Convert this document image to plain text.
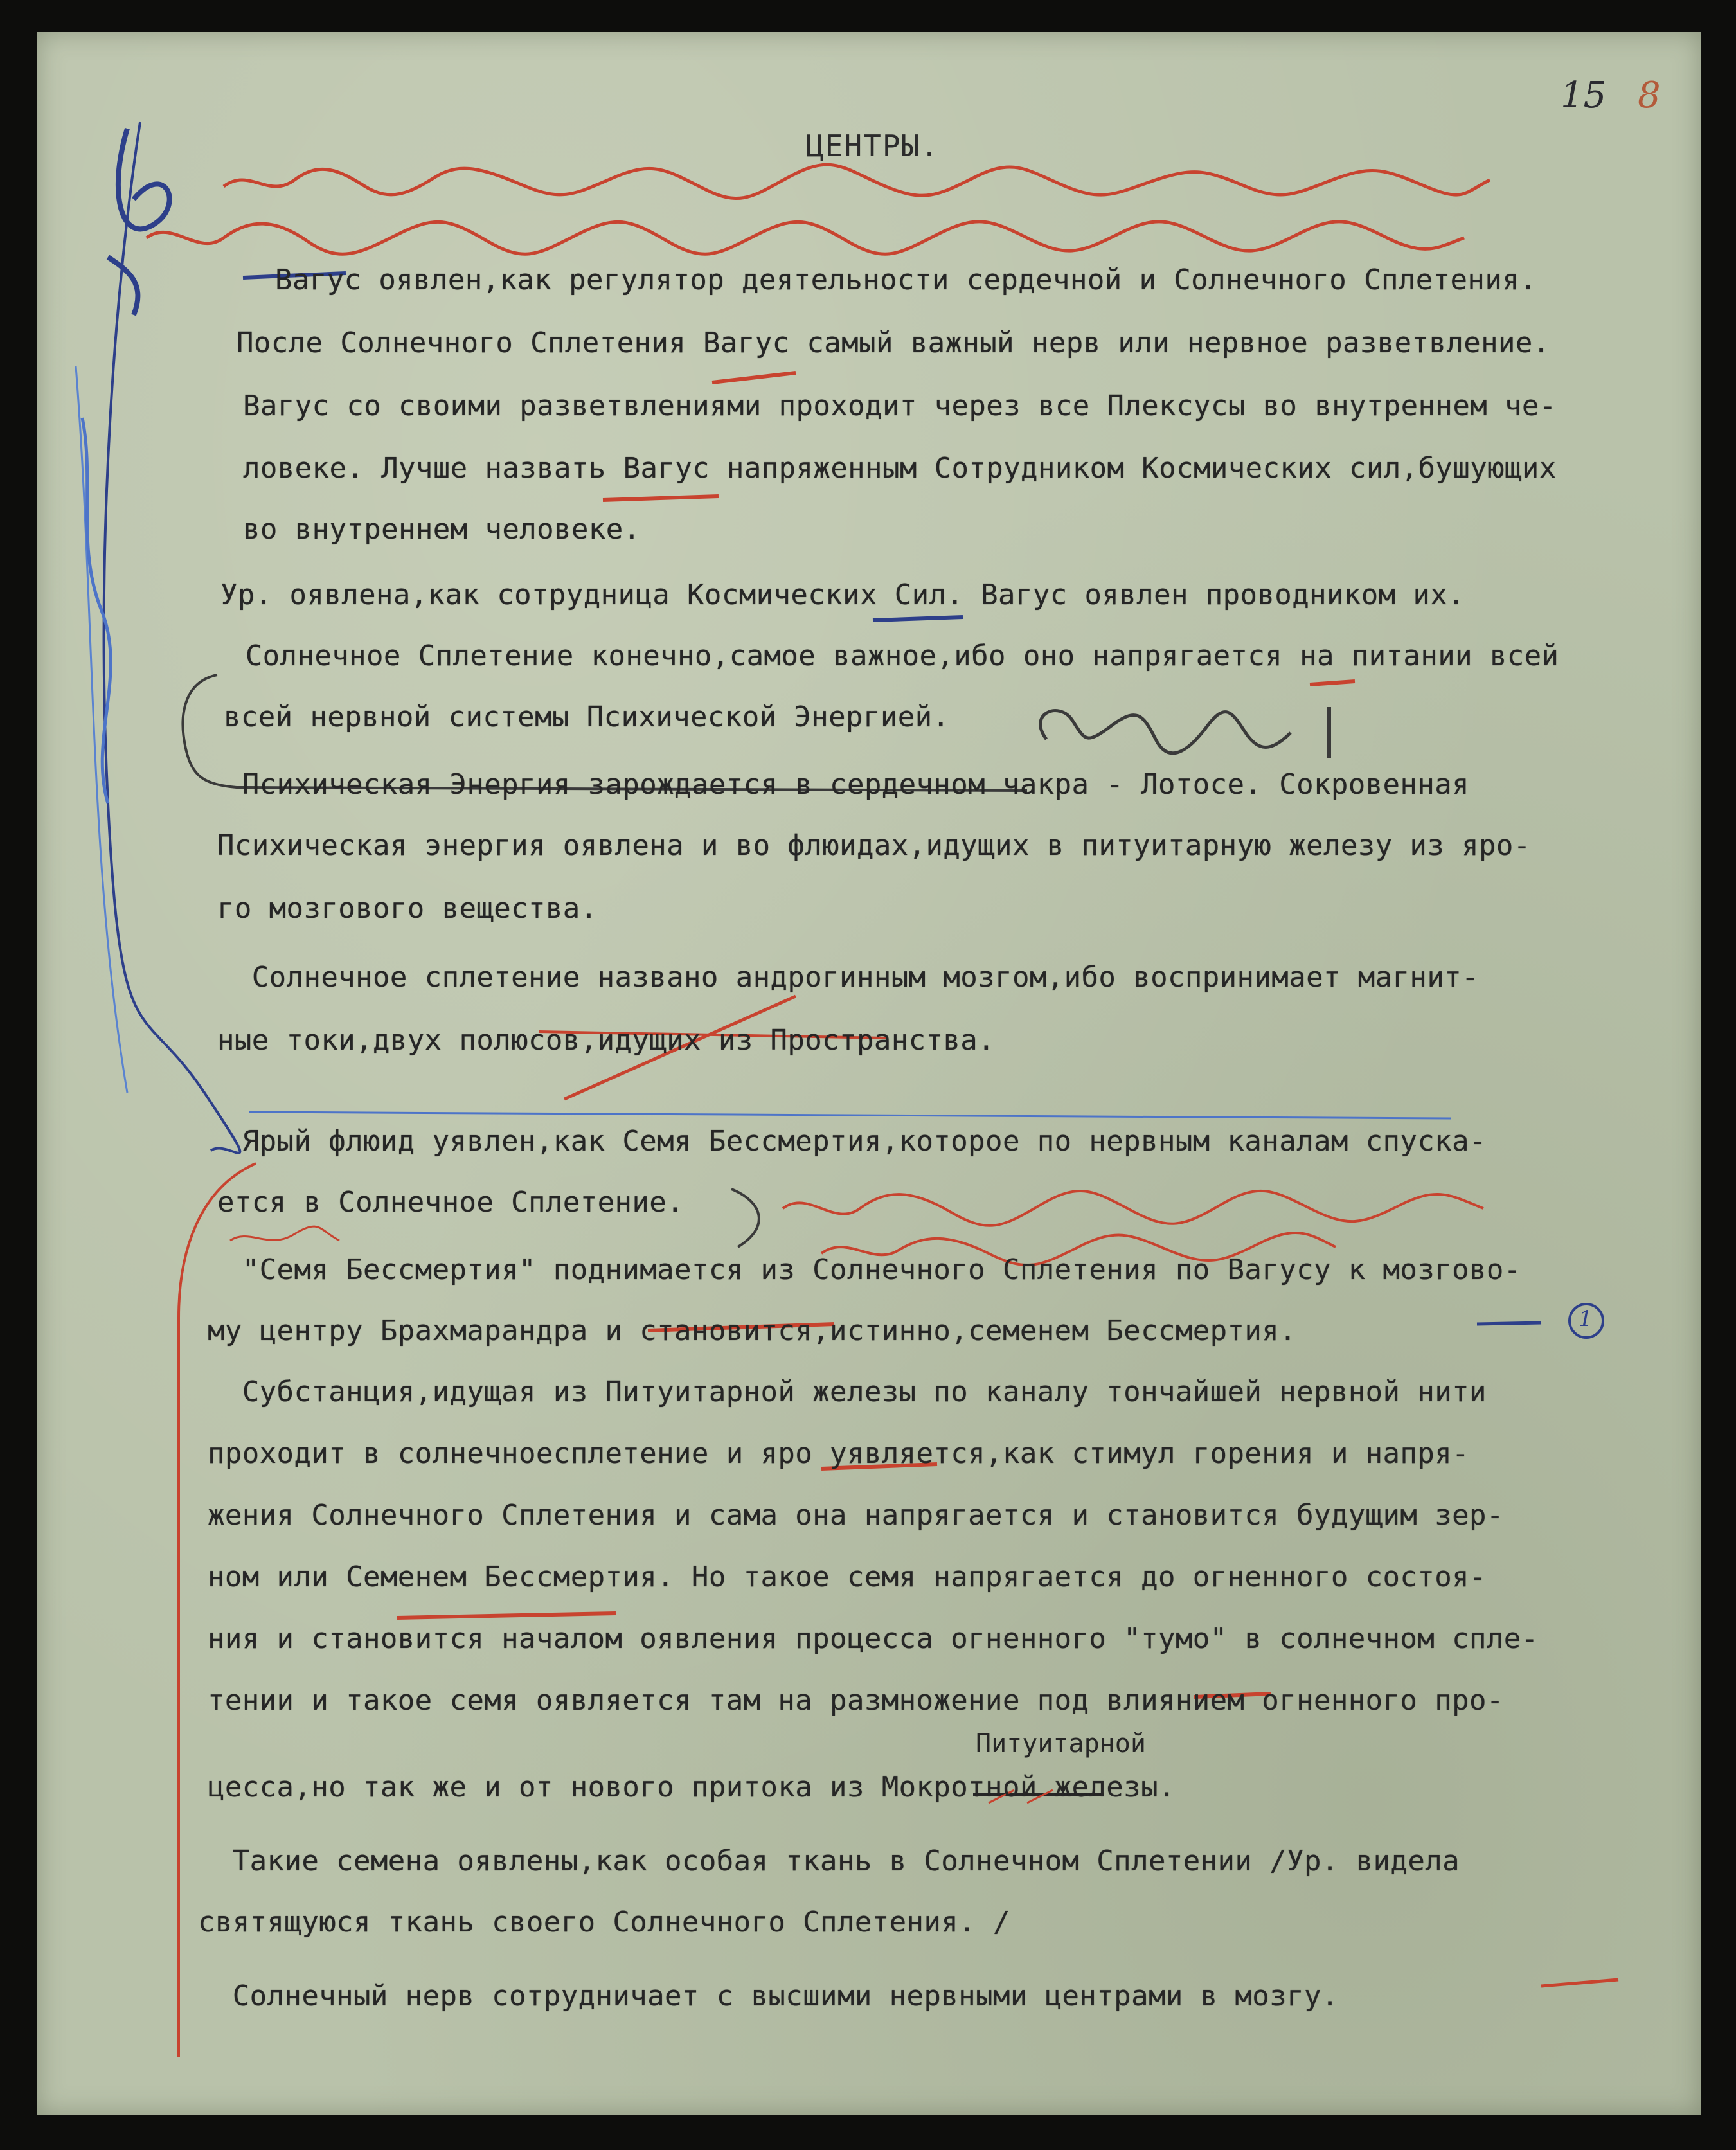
15 8
ЦЕНТРЫ.
Вагус оявлен,как регулятор деятельности сердечной и Солнечного Сплетения.
После Солнечного Сплетения Вагус самый важный нерв или нервное разветвление.
Вагус со своими разветвлениями проходит через все Плексусы во внутреннем че-
ловеке. Лучше назвать Вагус напряженным Сотрудником Космических сил,бушующих
во внутреннем человеке.
Ур. оявлена,как сотрудница Космических Сил. Вагус оявлен проводником их.
Солнечное Сплетение конечно,самое важное,ибо оно напрягается на питании всей
всей нервной системы Психической Энергией.
Психическая Энергия зарождается в сердечном чакра - Лотосе. Сокровенная
Психическая энергия оявлена и во флюидах,идущих в питуитарную железу из яро-
го мозгового вещества.
Солнечное сплетение названо андрогинным мозгом,ибо воспринимает магнит-
ные токи,двух полюсов,идущих из Пространства.
Ярый флюид уявлен,как Семя Бессмертия,которое по нервным каналам спуска-
ется в Солнечное Сплетение.
"Семя Бессмертия" поднимается из Солнечного Сплетения по Вагусу к мозгово-
му центру Брахмарандра и становится,истинно,семенем Бессмертия.
Субстанция,идущая из Питуитарной железы по каналу тончайшей нервной нити
проходит в солнечноесплетение и яро уявляется,как стимул горения и напря-
жения Солнечного Сплетения и сама она напрягается и становится будущим зер-
ном или Семенем Бессмертия. Но такое семя напрягается до огненного состоя-
ния и становится началом оявления процесса огненного "тумо" в солнечном спле-
тении и такое семя оявляется там на размножение под влиянием огненного про-
Питуитарной
цесса,но так же и от нового притока из Мокротной железы.
Такие семена оявлены,как особая ткань в Солнечном Сплетении /Ур. видела
святящуюся ткань своего Солнечного Сплетения. /
Солнечный нерв сотрудничает с высшими нервными центрами в мозгу.
1
